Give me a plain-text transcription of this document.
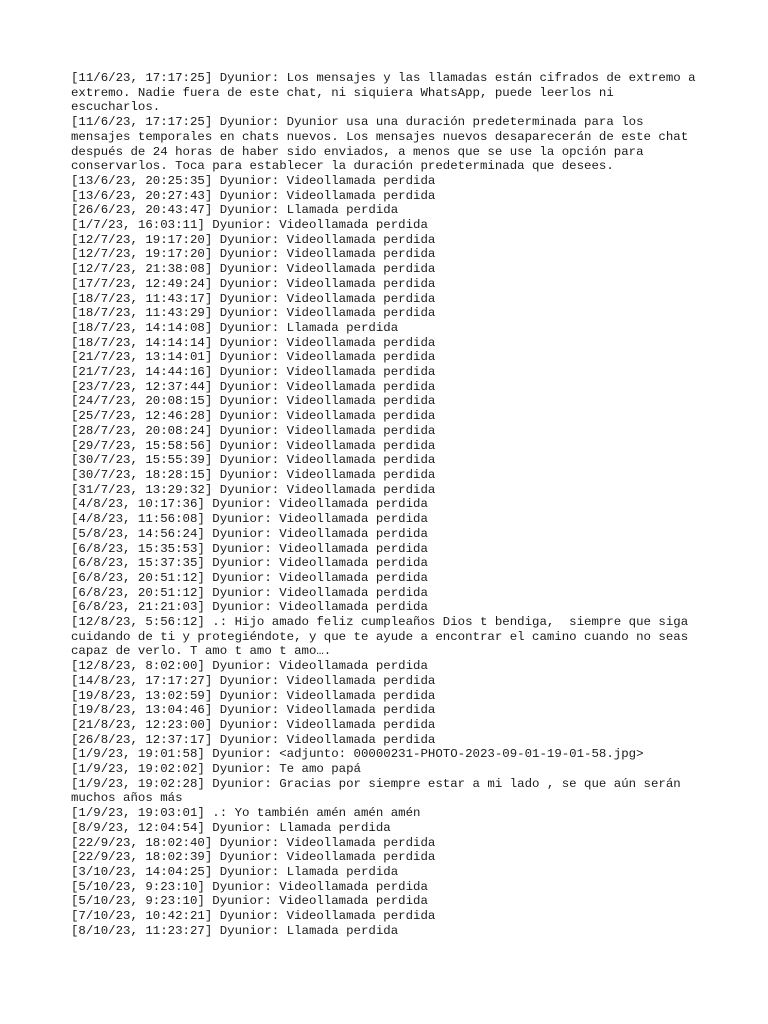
[11/6/23, 17:17:25] Dyunior: Los mensajes y las llamadas están cifrados de extremo a extremo. Nadie fuera de este chat, ni siquiera WhatsApp, puede leerlos ni escucharlos.

[11/6/23, 17:17:25] Dyunior: Dyunior usa una duración predeterminada para los mensajes temporales en chats nuevos. Los mensajes nuevos desaparecerán de este chat después de 24 horas de haber sido enviados, a menos que se use la opción para conservarlos. Toca para establecer la duración predeterminada que desees.

[13/6/23, 20:25:35] Dyunior: Videollamada perdida

[13/6/23, 20:27:43] Dyunior: Videollamada perdida

[26/6/23, 20:43:47] Dyunior: Llamada perdida

[1/7/23, 16:03:11] Dyunior: Videollamada perdida

[12/7/23, 19:17:20] Dyunior: Videollamada perdida

[12/7/23, 19:17:20] Dyunior: Videollamada perdida

[12/7/23, 21:38:08] Dyunior: Videollamada perdida

[17/7/23, 12:49:24] Dyunior: Videollamada perdida

[18/7/23, 11:43:17] Dyunior: Videollamada perdida

[18/7/23, 11:43:29] Dyunior: Videollamada perdida

[18/7/23, 14:14:08] Dyunior: Llamada perdida

[18/7/23, 14:14:14] Dyunior: Videollamada perdida

[21/7/23, 13:14:01] Dyunior: Videollamada perdida

[21/7/23, 14:44:16] Dyunior: Videollamada perdida

[23/7/23, 12:37:44] Dyunior: Videollamada perdida

[24/7/23, 20:08:15] Dyunior: Videollamada perdida

[25/7/23, 12:46:28] Dyunior: Videollamada perdida

[28/7/23, 20:08:24] Dyunior: Videollamada perdida

[29/7/23, 15:58:56] Dyunior: Videollamada perdida

[30/7/23, 15:55:39] Dyunior: Videollamada perdida

[30/7/23, 18:28:15] Dyunior: Videollamada perdida

[31/7/23, 13:29:32] Dyunior: Videollamada perdida

[4/8/23, 10:17:36] Dyunior: Videollamada perdida

[4/8/23, 11:56:08] Dyunior: Videollamada perdida

[5/8/23, 14:56:24] Dyunior: Videollamada perdida

[6/8/23, 15:35:53] Dyunior: Videollamada perdida

[6/8/23, 15:37:35] Dyunior: Videollamada perdida

[6/8/23, 20:51:12] Dyunior: Videollamada perdida

[6/8/23, 20:51:12] Dyunior: Videollamada perdida

[6/8/23, 21:21:03] Dyunior: Videollamada perdida

[12/8/23, 5:56:12] .: Hijo amado feliz cumpleaños Dios t bendiga,  siempre que siga cuidando de ti y protegiéndote, y que te ayude a encontrar el camino cuando no seas capaz de verlo. T amo t amo t amo….

[12/8/23, 8:02:00] Dyunior: Videollamada perdida

[14/8/23, 17:17:27] Dyunior: Videollamada perdida

[19/8/23, 13:02:59] Dyunior: Videollamada perdida

[19/8/23, 13:04:46] Dyunior: Videollamada perdida

[21/8/23, 12:23:00] Dyunior: Videollamada perdida

[26/8/23, 12:37:17] Dyunior: Videollamada perdida

[1/9/23, 19:01:58] Dyunior: <adjunto: 00000231-PHOTO-2023-09-01-19-01-58.jpg>

[1/9/23, 19:02:02] Dyunior: Te amo papá

[1/9/23, 19:02:28] Dyunior: Gracias por siempre estar a mi lado , se que aún serán muchos años más

[1/9/23, 19:03:01] .: Yo también amén amén amén

[8/9/23, 12:04:54] Dyunior: Llamada perdida

[22/9/23, 18:02:40] Dyunior: Videollamada perdida

[22/9/23, 18:02:39] Dyunior: Videollamada perdida

[3/10/23, 14:04:25] Dyunior: Llamada perdida

[5/10/23, 9:23:10] Dyunior: Videollamada perdida

[5/10/23, 9:23:10] Dyunior: Videollamada perdida

[7/10/23, 10:42:21] Dyunior: Videollamada perdida

[8/10/23, 11:23:27] Dyunior: Llamada perdida
